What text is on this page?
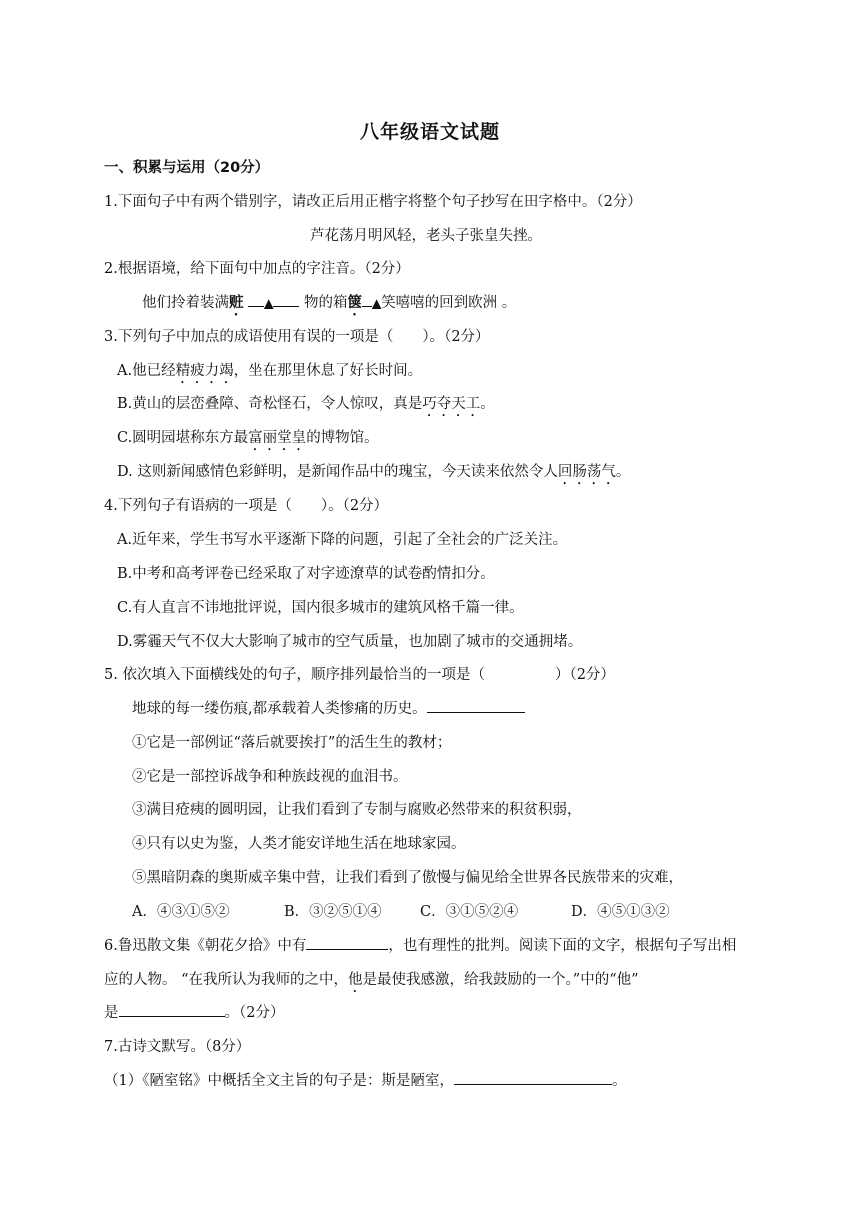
八年级语文试题
一、积累与运用（20分）
1.下面句子中有两个错别字，请改正后用正楷字将整个句子抄写在田字格中。（2分）
芦花荡月明风轻，老头子张皇失挫。
2.根据语境，给下面句中加点的字注音。（2分）
他们拎着装满赃 ▲ 物的箱箧 ▲笑嘻嘻的回到欧洲 。
3.下列句子中加点的成语使用有误的一项是（　　）。（2分）
A.他已经精疲力竭，坐在那里休息了好长时间。
B.黄山的层峦叠障、奇松怪石，令人惊叹，真是巧夺天工。
C.圆明园堪称东方最富丽堂皇的博物馆。
D. 这则新闻感情色彩鲜明，是新闻作品中的瑰宝，今天读来依然令人回肠荡气。
4.下列句子有语病的一项是（　　）。（2分）
A.近年来，学生书写水平逐渐下降的问题，引起了全社会的广泛关注。
B.中考和高考评卷已经采取了对字迹潦草的试卷酌情扣分。
C.有人直言不讳地批评说，国内很多城市的建筑风格千篇一律。
D.雾霾天气不仅大大影响了城市的空气质量，也加剧了城市的交通拥堵。
5. 依次填入下面横线处的句子，顺序排列最恰当的一项是（	）（2分）
地球的每一缕伤痕,都承载着人类惨痛的历史。
①它是一部例证“落后就要挨打”的活生生的教材；
②它是一部控诉战争和种族歧视的血泪书。
③满目疮痍的圆明园，让我们看到了专制与腐败必然带来的积贫积弱，
④只有以史为鉴，人类才能安详地生活在地球家园。
⑤黑暗阴森的奥斯威辛集中营，让我们看到了傲慢与偏见给全世界各民族带来的灾难，
A．④③①⑤②	B．③②⑤①④	C．③①⑤②④	D．④⑤①③②
6.鲁迅散文集《朝花夕拾》中有	，也有理性的批判。阅读下面的文字，根据句子写出相
应的人物。 “在我所认为我师的之中，他是最使我感激，给我鼓励的一个。”中的“他”
是	。（2分）
7.古诗文默写。（8分）
（1）《陋室铭》中概括全文主旨的句子是：斯是陋室，	。
